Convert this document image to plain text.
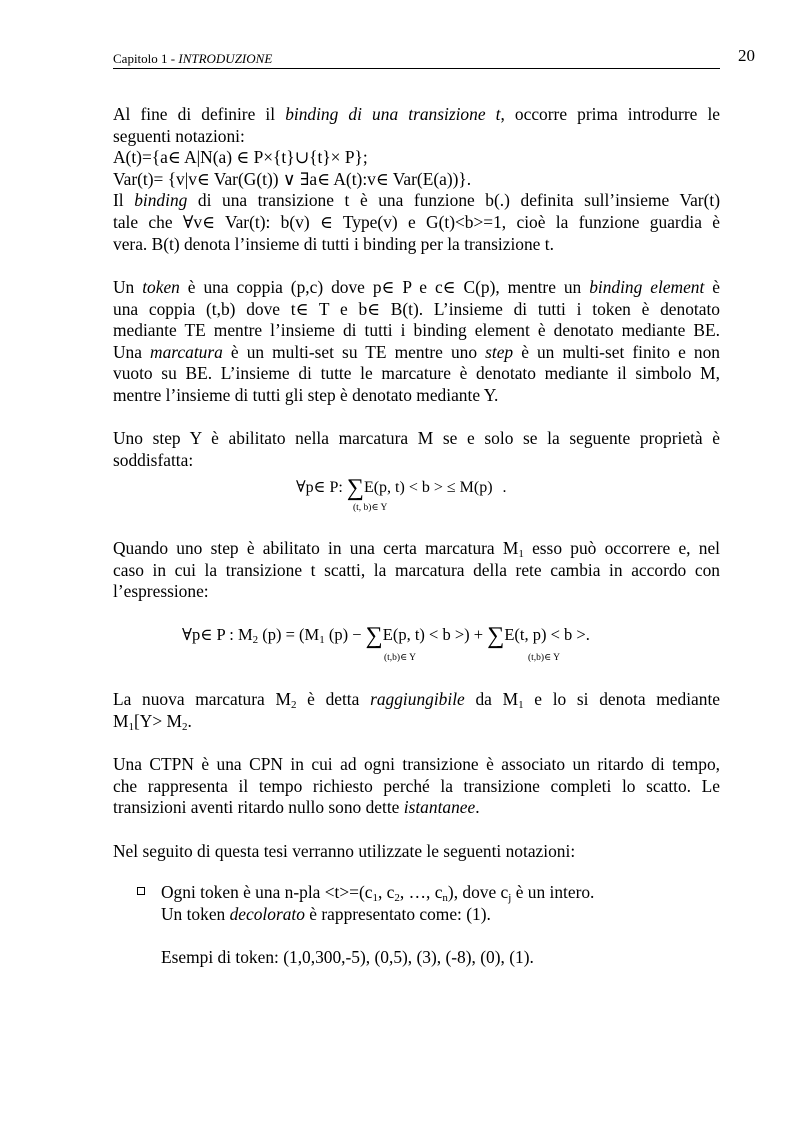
Capitolo 1 - INTRODUZIONE	20
Al fine di definire il binding di una transizione t, occorre prima introdurre le
seguenti notazioni:
A(t)={a∈ A|N(a) ∈ P×{t}∪{t}× P};
Var(t)= {v|v∈ Var(G(t)) ∨ ∃a∈ A(t):v∈ Var(E(a))}.
Il binding di una transizione t è una funzione b(.) definita sull’insieme Var(t)
tale che ∀v∈ Var(t): b(v) ∈ Type(v) e G(t)<b>=1, cioè la funzione guardia è
vera. B(t) denota l’insieme di tutti i binding per la transizione t.
Un token è una coppia (p,c) dove p∈ P e c∈ C(p), mentre un binding element è
una coppia (t,b) dove t∈ T e b∈ B(t). L’insieme di tutti i token è denotato
mediante TE mentre l’insieme di tutti i binding element è denotato mediante BE.
Una marcatura è un multi-set su TE mentre uno step è un multi-set finito e non
vuoto su BE. L’insieme di tutte le marcature è denotato mediante il simbolo M,
mentre l’insieme di tutti gli step è denotato mediante Y.
Uno step Y è abilitato nella marcatura M se e solo se la seguente proprietà è
soddisfatta:
∀p∈ P: ∑E(p, t) < b > ≤ M(p) .
(t, b)∈ Y
Quando uno step è abilitato in una certa marcatura $M_1$ esso può occorrere e, nel
caso in cui la transizione t scatti, la marcatura della rete cambia in accordo con
l’espressione:
∀p∈ P : $M_2$ $(p) = (M_1$ (p) − ∑E(p, t) < b >) + ∑E(t, p) < b >.
(t,b)∈ Y	(t,b)∈ Y
La nuova marcatura $M_2$ è detta raggiungibile da $M_1$ e lo si denota mediante
$M_1[Y> M_2$.
Una CTPN è una CPN in cui ad ogni transizione è associato un ritardo di tempo,
che rappresenta il tempo richiesto perché la transizione completi lo scatto. Le
transizioni aventi ritardo nullo sono dette istantanee.
Nel seguito di questa tesi verranno utilizzate le seguenti notazioni:
Ogni token è una $n-pla <t>=(c_1$, $c_2$, …, $c_n$), dove $c_j$ è un intero.
Un token decolorato è rappresentato come: (1).
Esempi di token: (1,0,300,-5), (0,5), (3), (-8), (0), (1).
